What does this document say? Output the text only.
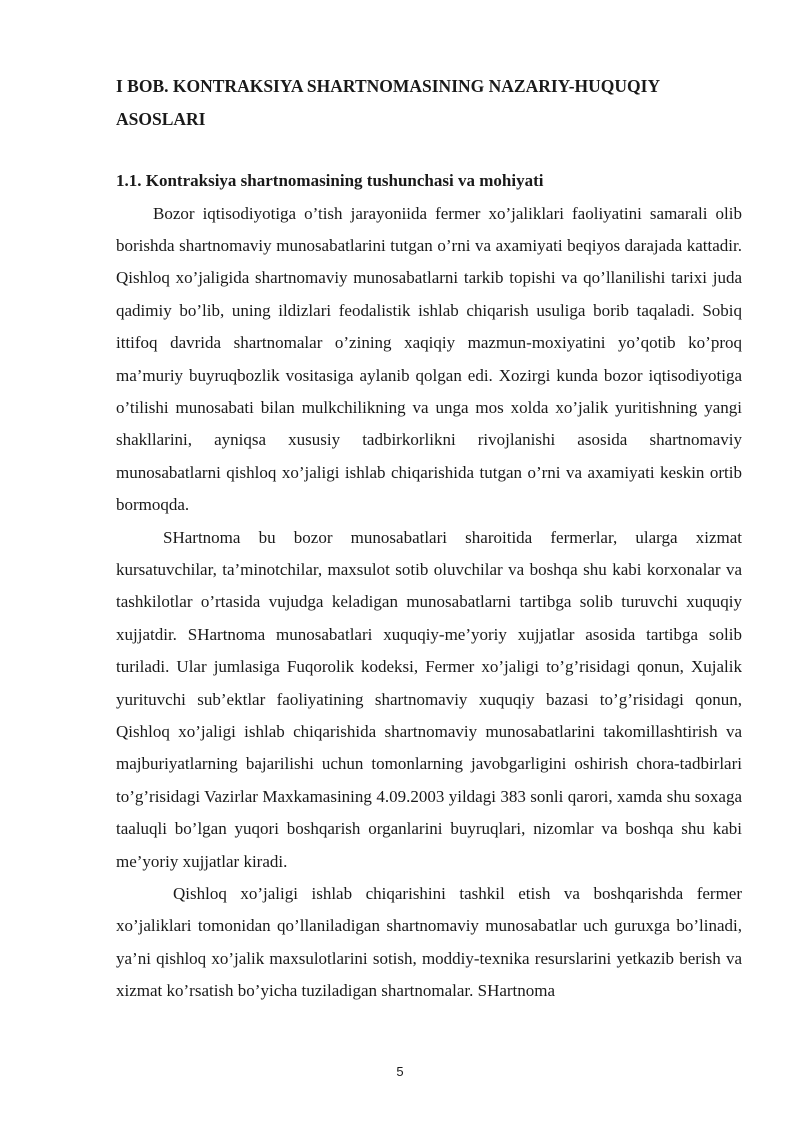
I BOB. KONTRAKSIYA SHARTNOMASINING NAZARIY-HUQUQIY ASOSLARI
1.1. Kontraksiya shartnomasining tushunchasi va mohiyati

Bozor iqtisodiyotiga o’tish jarayoniida fermer xo’jaliklari faoliyatini samarali olib borishda shartnomaviy munosabatlarini tutgan o’rni va axamiyati beqiyos darajada kattadir. Qishloq xo’jaligida shartnomaviy munosabatlarni tarkib topishi va qo’llanilishi tarixi juda qadimiy bo’lib, uning ildizlari feodalistik ishlab chiqarish usuliga borib taqaladi. Sobiq ittifoq davrida shartnomalar o’zining xaqiqiy mazmun-moxiyatini yo’qotib ko’proq ma’muriy buyruqbozlik vositasiga aylanib qolgan edi. Xozirgi kunda bozor iqtisodiyotiga o’tilishi munosabati bilan mulkchilikning va unga mos xolda xo’jalik yuritishning yangi shakllarini, ayniqsa xususiy tadbirkorlikni rivojlanishi asosida shartnomaviy munosabatlarni qishloq xo’jaligi ishlab chiqarishida tutgan o’rni va axamiyati keskin ortib bormoqda.

SHartnoma bu bozor munosabatlari sharoitida fermerlar, ularga xizmat kursatuvchilar, ta’minotchilar, maxsulot sotib oluvchilar va boshqa shu kabi korxonalar va tashkilotlar o’rtasida vujudga keladigan munosabatlarni tartibga solib turuvchi xuquqiy xujjatdir. SHartnoma munosabatlari xuquqiy-me’yoriy xujjatlar asosida tartibga solib turiladi. Ular jumlasiga Fuqorolik kodeksi, Fermer xo’jaligi to’g’risidagi qonun, Xujalik yurituvchi sub’ektlar faoliyatining shartnomaviy xuquqiy bazasi to’g’risidagi qonun, Qishloq xo’jaligi ishlab chiqarishida shartnomaviy munosabatlarini takomillashtirish va majburiyatlarning bajarilishi uchun tomonlarning javobgarligini oshirish chora-tadbirlari to’g’risidagi Vazirlar Maxkamasining 4.09.2003 yildagi 383 sonli qarori, xamda shu soxaga taaluqli bo’lgan yuqori boshqarish organlarini buyruqlari, nizomlar va boshqa shu kabi me’yoriy xujjatlar kiradi.

Qishloq xo’jaligi ishlab chiqarishini tashkil etish va boshqarishda fermer xo’jaliklari tomonidan qo’llaniladigan shartnomaviy munosabatlar uch guruxga bo’linadi, ya’ni qishloq xo’jalik maxsulotlarini sotish, moddiy-texnika resurslarini yetkazib berish va xizmat ko’rsatish bo’yicha tuziladigan shartnomalar. SHartnoma

5
